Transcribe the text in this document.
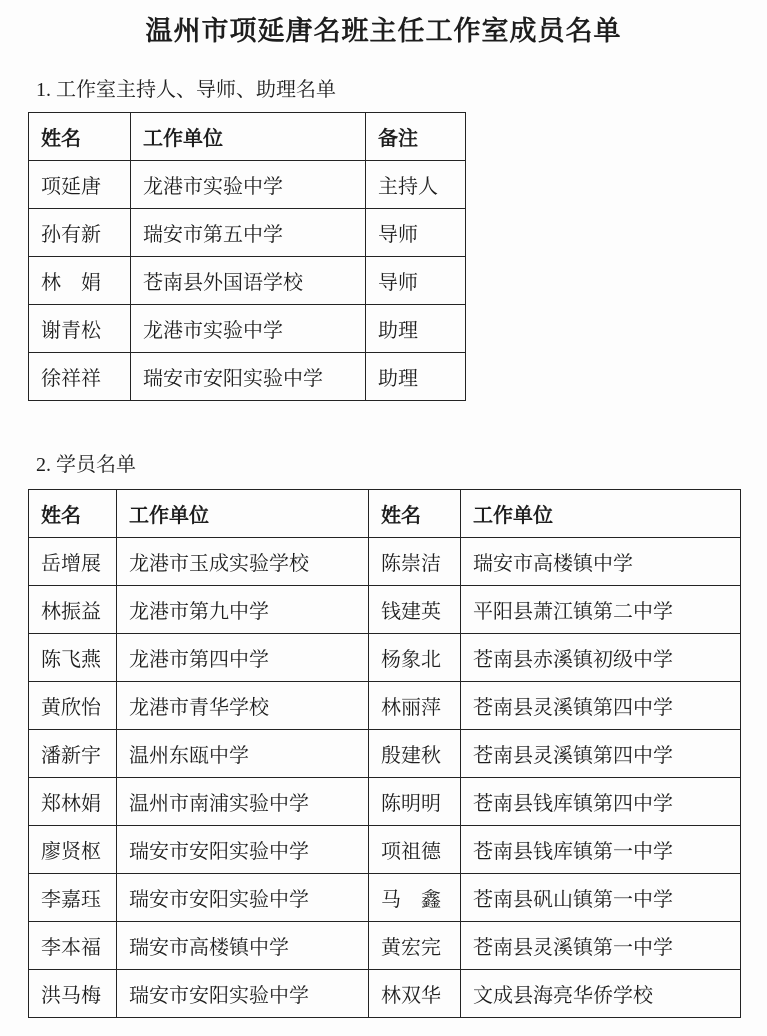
温州市项延唐名班主任工作室成员名单
1. 工作室主持人、导师、助理名单
姓名	工作单位	备注
项延唐	龙港市实验中学	主持人
孙有新	瑞安市第五中学	导师
林　娟	苍南县外国语学校	导师
谢青松	龙港市实验中学	助理
徐祥祥	瑞安市安阳实验中学	助理
2. 学员名单
姓名	工作单位	姓名	工作单位
岳增展	龙港市玉成实验学校	陈崇洁	瑞安市高楼镇中学
林振益	龙港市第九中学	钱建英	平阳县萧江镇第二中学
陈飞燕	龙港市第四中学	杨象北	苍南县赤溪镇初级中学
黄欣怡	龙港市青华学校	林丽萍	苍南县灵溪镇第四中学
潘新宇	温州东瓯中学	殷建秋	苍南县灵溪镇第四中学
郑林娟	温州市南浦实验中学	陈明明	苍南县钱库镇第四中学
廖贤枢	瑞安市安阳实验中学	项祖德	苍南县钱库镇第一中学
李嘉珏	瑞安市安阳实验中学	马　鑫	苍南县矾山镇第一中学
李本福	瑞安市高楼镇中学	黄宏完	苍南县灵溪镇第一中学
洪马梅	瑞安市安阳实验中学	林双华	文成县海亮华侨学校
